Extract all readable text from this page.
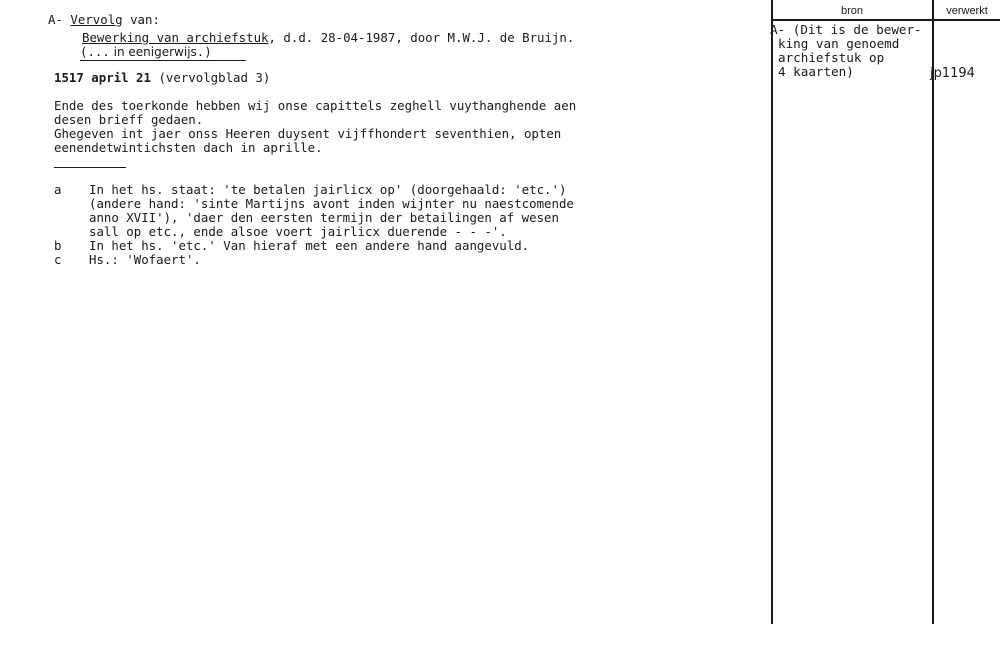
A- Vervolg van:
Bewerking van archiefstuk, d.d. 28-04-1987, door M.W.J. de Bruijn.
(... in eenigerwijs.)
1517 april 21 (vervolgblad 3)
Ende des toerkonde hebben wij onse capittels zeghell vuythanghende aen
desen brieff gedaen.
Ghegeven int jaer onss Heeren duysent vijffhondert seventhien, opten
eenendetwintichsten dach in aprille.
a In het hs. staat: 'te betalen jairlicx op' (doorgehaald: 'etc.')
(andere hand: 'sinte Martijns avont inden wijnter nu naestcomende
anno XVII'), 'daer den eersten termijn der betailingen af wesen
sall op etc., ende alsoe voert jairlicx duerende - - -'.
b In het hs. 'etc.' Van hieraf met een andere hand aangevuld.
c Hs.: 'Wofaert'.
bron	verwerkt
A- (Dit is de bewer-
king van genoemd
archiefstuk op
4 kaarten)	jp1194
